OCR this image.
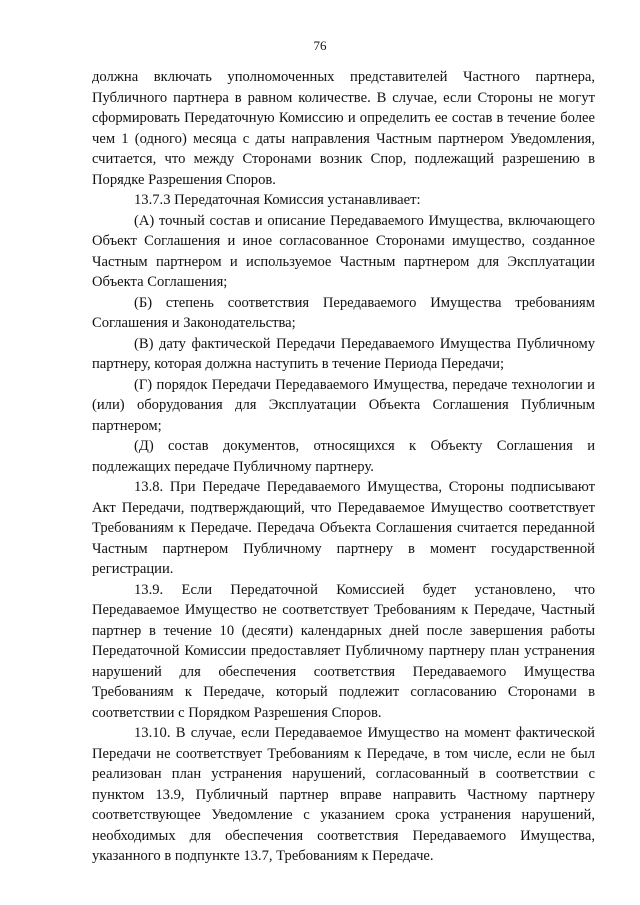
76

должна включать уполномоченных представителей Частного партнера, Публичного партнера в равном количестве. В случае, если Стороны не могут сформировать Передаточную Комиссию и определить ее состав в течение более чем 1 (одного) месяца с даты направления Частным партнером Уведомления, считается, что между Сторонами возник Спор, подлежащий разрешению в Порядке Разрешения Споров.

13.7.3 Передаточная Комиссия устанавливает:

(А) точный состав и описание Передаваемого Имущества, включающего Объект Соглашения и иное согласованное Сторонами имущество, созданное Частным партнером и используемое Частным партнером для Эксплуатации Объекта Соглашения;

(Б) степень соответствия Передаваемого Имущества требованиям Соглашения и Законодательства;

(В) дату фактической Передачи Передаваемого Имущества Публичному партнеру, которая должна наступить в течение Периода Передачи;

(Г) порядок Передачи Передаваемого Имущества, передаче технологии и (или) оборудования для Эксплуатации Объекта Соглашения Публичным партнером;

(Д) состав документов, относящихся к Объекту Соглашения и подлежащих передаче Публичному партнеру.

13.8. При Передаче Передаваемого Имущества, Стороны подписывают Акт Передачи, подтверждающий, что Передаваемое Имущество соответствует Требованиям к Передаче. Передача Объекта Соглашения считается переданной Частным партнером Публичному партнеру в момент государственной регистрации.

13.9. Если Передаточной Комиссией будет установлено, что Передаваемое Имущество не соответствует Требованиям к Передаче, Частный партнер в течение 10 (десяти) календарных дней после завершения работы Передаточной Комиссии предоставляет Публичному партнеру план устранения нарушений для обеспечения соответствия Передаваемого Имущества Требованиям к Передаче, который подлежит согласованию Сторонами в соответствии с Порядком Разрешения Споров.

13.10. В случае, если Передаваемое Имущество на момент фактической Передачи не соответствует Требованиям к Передаче, в том числе, если не был реализован план устранения нарушений, согласованный в соответствии с пунктом 13.9, Публичный партнер вправе направить Частному партнеру соответствующее Уведомление с указанием срока устранения нарушений, необходимых для обеспечения соответствия Передаваемого Имущества, указанного в подпункте 13.7, Требованиям к Передаче.
